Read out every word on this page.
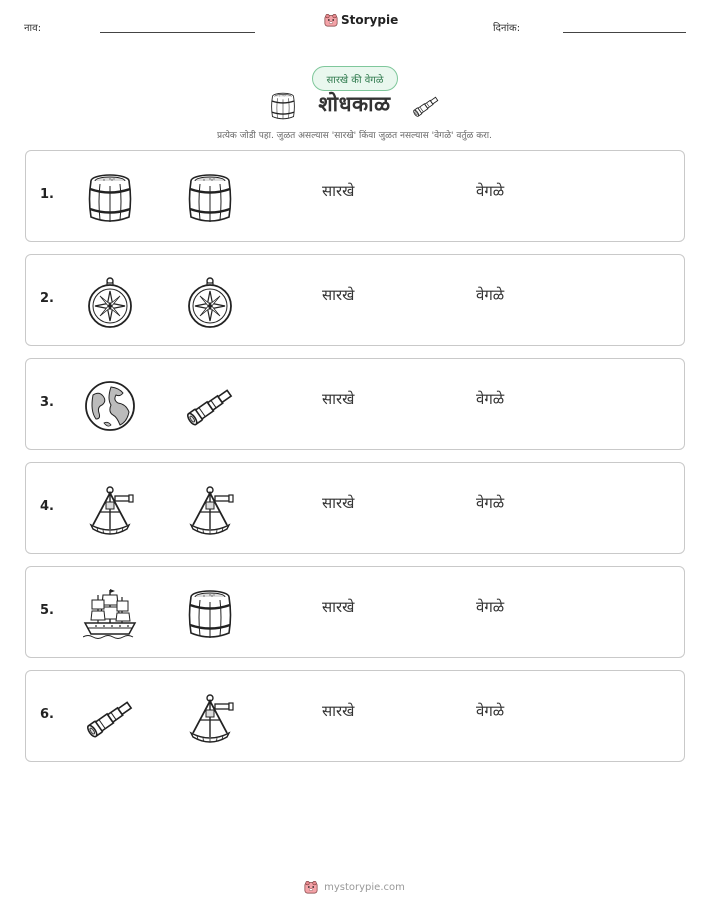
नाव:
Storypie
दिनांक:
सारखे की वेगळे
शोधकाळ
प्रत्येक जोडी पहा. जुळत असल्यास 'सारखे' किंवा जुळत नसल्यास 'वेगळे' वर्तुळ करा.
1.	सारखे	वेगळे
2.	सारखे	वेगळे
3.	सारखे	वेगळे
4.	सारखे	वेगळे
5.	सारखे	वेगळे
6.	सारखे	वेगळे
mystorypie.com
